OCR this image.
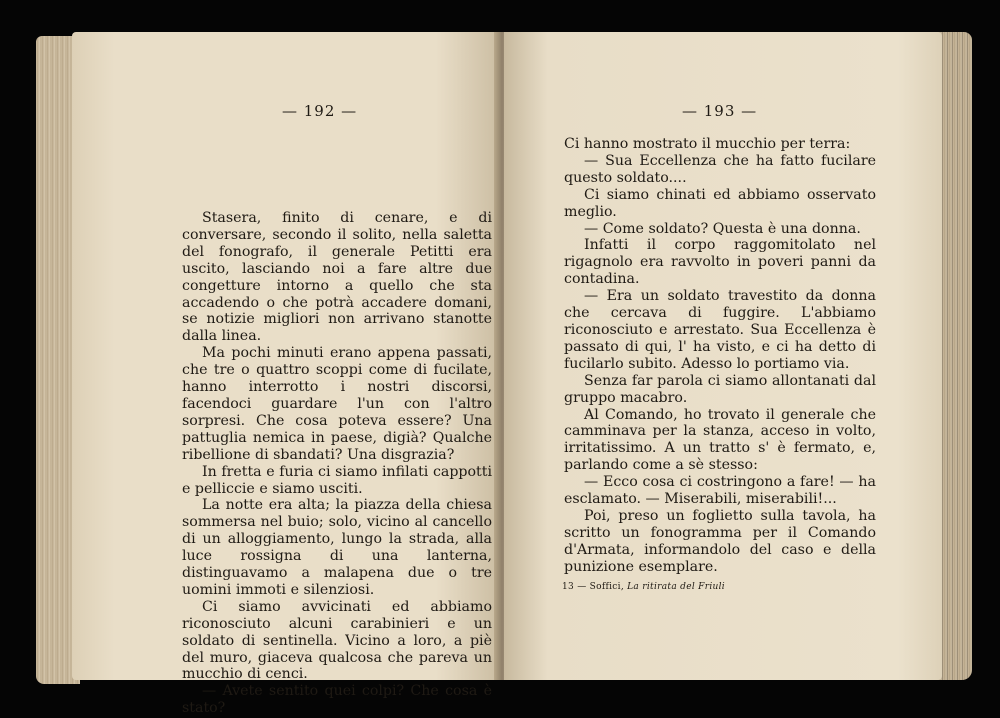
— 192 —

Stasera, finito di cenare, e di conversare, secondo il solito, nella saletta del fonografo, il generale Petitti era uscito, lasciando noi a fare altre due congetture intorno a quello che sta accadendo o che potrà accadere domani, se notizie migliori non arrivano stanotte dalla linea.

Ma pochi minuti erano appena passati, che tre o quattro scoppi come di fucilate, hanno interrotto i nostri discorsi, facendoci guardare l'un con l'altro sorpresi. Che cosa poteva essere? Una pattuglia nemica in paese, digià? Qualche ribellione di sbandati? Una disgrazia?

In fretta e furia ci siamo infilati cappotti e pelliccie e siamo usciti.

La notte era alta; la piazza della chiesa sommersa nel buio; solo, vicino al cancello di un alloggiamento, lungo la strada, alla luce rossigna di una lanterna, distinguavamo a malapena due o tre uomini immoti e silenziosi.

Ci siamo avvicinati ed abbiamo riconosciuto alcuni carabinieri e un soldato di sentinella. Vicino a loro, a piè del muro, giaceva qualcosa che pareva un mucchio di cenci.

— Avete sentito quei colpi? Che cosa è stato?

— 193 —

Ci hanno mostrato il mucchio per terra:

— Sua Eccellenza che ha fatto fucilare questo soldato....

Ci siamo chinati ed abbiamo osservato meglio.

— Come soldato? Questa è una donna.

Infatti il corpo raggomitolato nel rigagnolo era ravvolto in poveri panni da contadina.

— Era un soldato travestito da donna che cercava di fuggire. L'abbiamo riconosciuto e arrestato. Sua Eccellenza è passato di qui, l' ha visto, e ci ha detto di fucilarlo subito. Adesso lo portiamo via.

Senza far parola ci siamo allontanati dal gruppo macabro.

Al Comando, ho trovato il generale che camminava per la stanza, acceso in volto, irritatissimo. A un tratto s' è fermato, e, parlando come a sè stesso:

— Ecco cosa ci costringono a fare! — ha esclamato. — Miserabili, miserabili!...

Poi, preso un foglietto sulla tavola, ha scritto un fonogramma per il Comando d'Armata, informandolo del caso e della punizione esemplare.

13 — Soffici, La ritirata del Friuli
